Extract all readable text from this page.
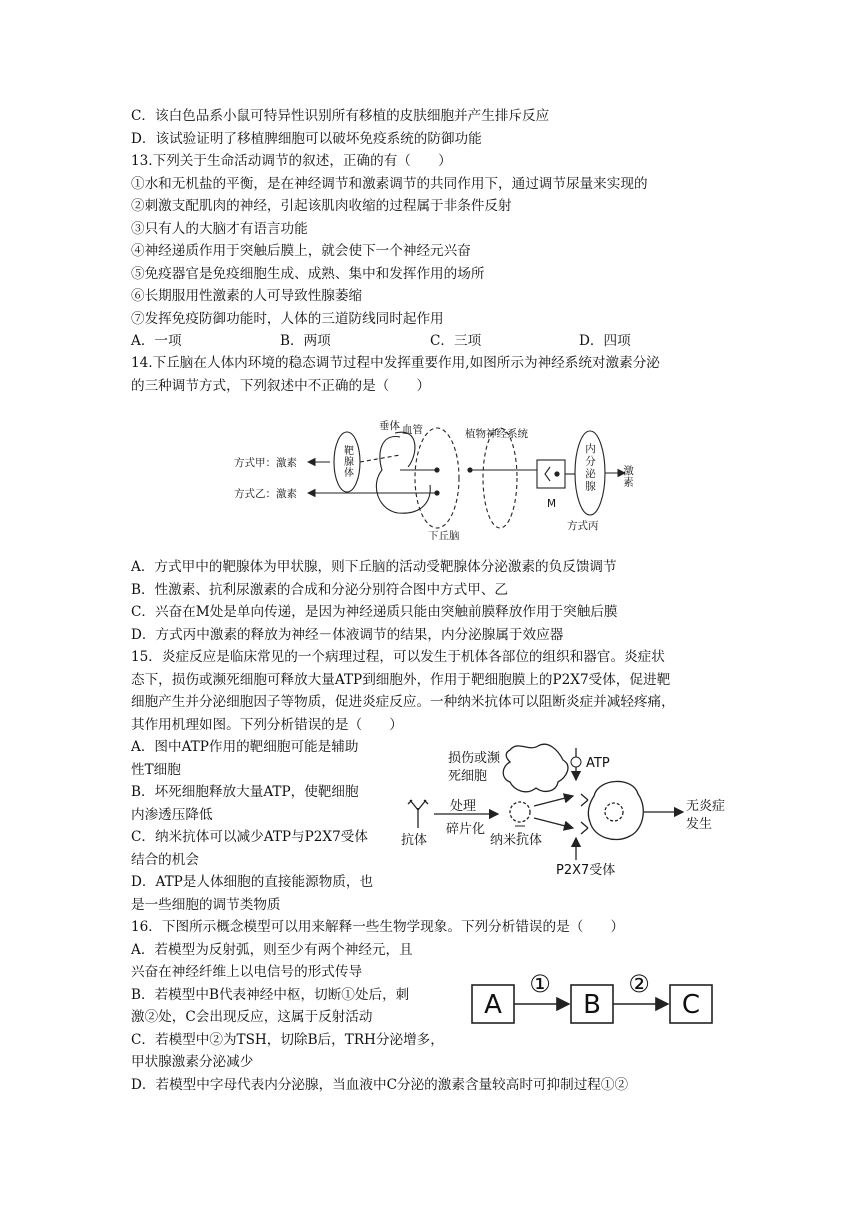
C．该白色品系小鼠可特异性识别所有移植的皮肤细胞并产生排斥反应
D．该试验证明了移植脾细胞可以破坏免疫系统的防御功能
13.下列关于生命活动调节的叙述，正确的有（　　）
①水和无机盐的平衡，是在神经调节和激素调节的共同作用下，通过调节尿量来实现的
②刺激支配肌肉的神经，引起该肌肉收缩的过程属于非条件反射
③只有人的大脑才有语言功能
④神经递质作用于突触后膜上，就会使下一个神经元兴奋
⑤免疫器官是免疫细胞生成、成熟、集中和发挥作用的场所
⑥长期服用性激素的人可导致性腺萎缩
⑦发挥免疫防御功能时，人体的三道防线同时起作用
A．一项	B．两项	C．三项	D．四项
14.下丘脑在人体内环境的稳态调节过程中发挥重要作用,如图所示为神经系统对激素分泌
的三种调节方式，下列叙述中不正确的是（　　）
靶腺体
垂体 血管	植物神经系统
内分泌腺
方式甲：激素
方式乙：激素
方式丙
激素
M
下丘脑
A．方式甲中的靶腺体为甲状腺，则下丘脑的活动受靶腺体分泌激素的负反馈调节
B．性激素、抗利尿激素的合成和分泌分别符合图中方式甲、乙
C．兴奋在M处是单向传递，是因为神经递质只能由突触前膜释放作用于突触后膜
D．方式丙中激素的释放为神经－体液调节的结果，内分泌腺属于效应器
15．炎症反应是临床常见的一个病理过程，可以发生于机体各部位的组织和器官。炎症状
态下，损伤或濒死细胞可释放大量ATP到细胞外，作用于靶细胞膜上的P2X7受体，促进靶
细胞产生并分泌细胞因子等物质，促进炎症反应。一种纳米抗体可以阻断炎症并减轻疼痛，
其作用机理如图。下列分析错误的是（　　）
A．图中ATP作用的靶细胞可能是辅助
性T细胞
B．坏死细胞释放大量ATP，使靶细胞
内渗透压降低
C．纳米抗体可以减少ATP与P2X7受体
结合的机会
D．ATP是人体细胞的直接能源物质，也
是一些细胞的调节类物质
损伤或濒
死细胞
ATP
处理
碎片化
抗体	纳米抗体
P2X7受体
无炎症
发生
16．下图所示概念模型可以用来解释一些生物学现象。下列分析错误的是（　　）
A．若模型为反射弧，则至少有两个神经元，且
兴奋在神经纤维上以电信号的形式传导
B．若模型中B代表神经中枢，切断①处后，刺
激②处，C会出现反应，这属于反射活动
C．若模型中②为TSH，切除B后，TRH分泌增多，
甲状腺激素分泌减少
D．若模型中字母代表内分泌腺，当血液中C分泌的激素含量较高时可抑制过程①②
A	B	C
①	②
